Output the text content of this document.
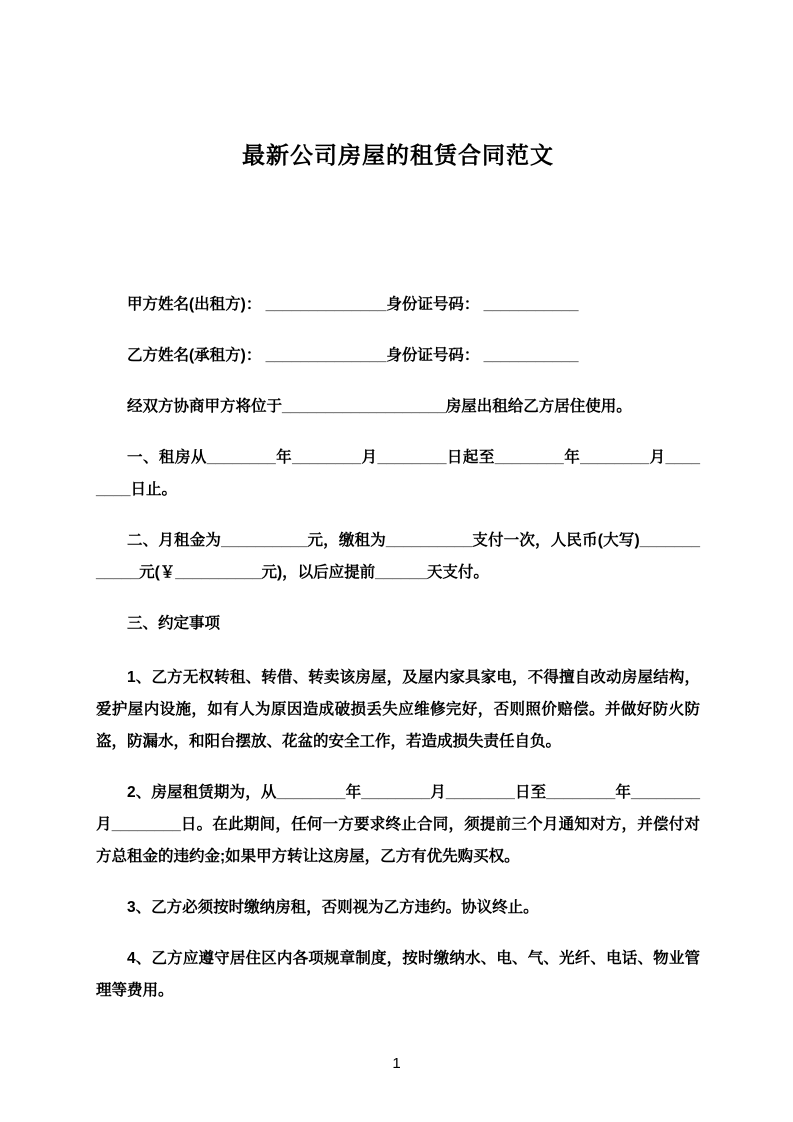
最新公司房屋的租赁合同范文

甲方姓名(出租方)： ______________身份证号码： ___________

乙方姓名(承租方)： ______________身份证号码： ___________

经双方协商甲方将位于___________________房屋出租给乙方居住使用。

一、租房从________年________月________日起至________年________月________日止。

二、月租金为__________元，缴租为__________支付一次，人民币(大写)____________元(￥__________元)，以后应提前______天支付。

三、约定事项

1、乙方无权转租、转借、转卖该房屋，及屋内家具家电，不得擅自改动房屋结构，爱护屋内设施，如有人为原因造成破损丢失应维修完好，否则照价赔偿。并做好防火防盗，防漏水，和阳台摆放、花盆的安全工作，若造成损失责任自负。

2、房屋租赁期为，从________年________月________日至________年________月________日。在此期间，任何一方要求终止合同，须提前三个月通知对方，并偿付对方总租金的违约金;如果甲方转让这房屋，乙方有优先购买权。

3、乙方必须按时缴纳房租，否则视为乙方违约。协议终止。

4、乙方应遵守居住区内各项规章制度，按时缴纳水、电、气、光纤、电话、物业管理等费用。

1
